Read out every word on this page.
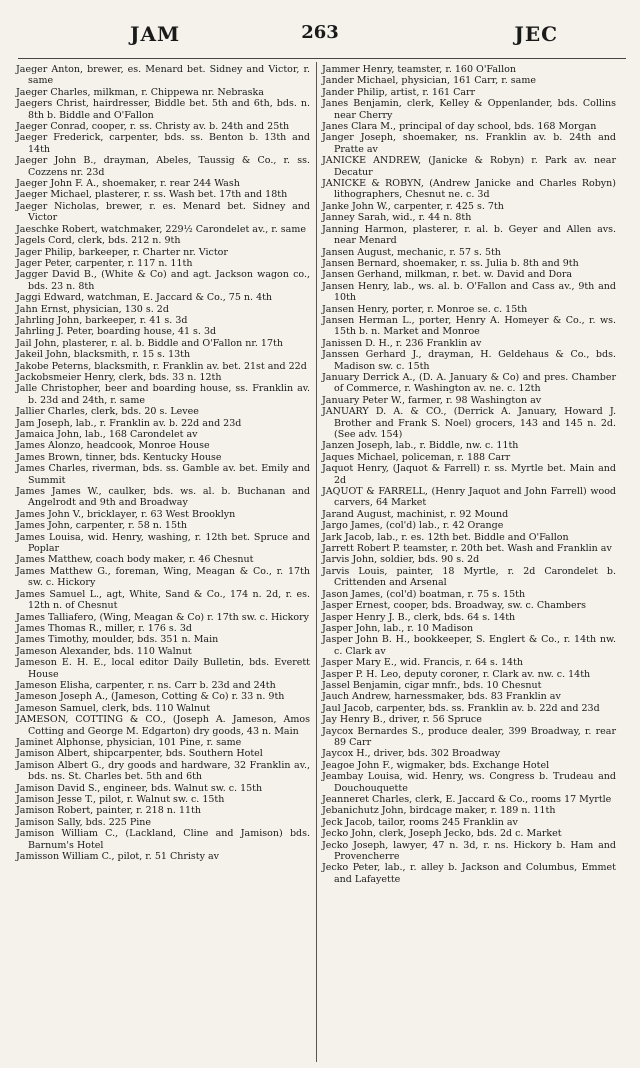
263
JAM	JEC

Jaeger Anton, brewer, es. Menard bet. Sidney and Victor, r. same

Jaeger Charles, milkman, r. Chippewa nr. Nebraska

Jaegers Christ, hairdresser, Biddle bet. 5th and 6th, bds. n. 8th b. Biddle and O'Fallon

Jaeger Conrad, cooper, r. ss. Christy av. b. 24th and 25th

Jaeger Frederick, carpenter, bds. ss. Benton b. 13th and 14th

Jaeger John B., drayman, Abeles, Taussig & Co., r. ss. Cozzens nr. 23d

Jaeger John F. A., shoemaker, r. rear 244 Wash

Jaeger Michael, plasterer, r. ss. Wash bet. 17th and 18th

Jaeger Nicholas, brewer, r. es. Menard bet. Sidney and Victor

Jaeschke Robert, watchmaker, 229½ Carondelet av., r. same

Jagels Cord, clerk, bds. 212 n. 9th

Jager Philip, barkeeper, r. Charter nr. Victor

Jager Peter, carpenter, r. 117 n. 11th

Jagger David B., (White & Co) and agt. Jackson wagon co., bds. 23 n. 8th

Jaggi Edward, watchman, E. Jaccard & Co., 75 n. 4th

Jahn Ernst, physician, 130 s. 2d

Jahrling John, barkeeper, r. 41 s. 3d

Jahrling J. Peter, boarding house, 41 s. 3d

Jail John, plasterer, r. al. b. Biddle and O'Fallon nr. 17th

Jakeil John, blacksmith, r. 15 s. 13th

Jakobe Peterns, blacksmith, r. Franklin av. bet. 21st and 22d

Jackobsmeier Henry, clerk, bds. 33 n. 12th

Jalle Christopher, beer and boarding house, ss. Franklin av. b. 23d and 24th, r. same

Jallier Charles, clerk, bds. 20 s. Levee

Jam Joseph, lab., r. Franklin av. b. 22d and 23d

Jamaica John, lab., 168 Carondelet av

James Alonzo, headcook, Monroe House

James Brown, tinner, bds. Kentucky House

James Charles, riverman, bds. ss. Gamble av. bet. Emily and Summit

James James W., caulker, bds. ws. al. b. Buchanan and Angelrodt and 9th and Broadway

James John V., bricklayer, r. 63 West Brooklyn

James John, carpenter, r. 58 n. 15th

James Louisa, wid. Henry, washing, r. 12th bet. Spruce and Poplar

James Matthew, coach body maker, r. 46 Chesnut

James Matthew G., foreman, Wing, Meagan & Co., r. 17th sw. c. Hickory

James Samuel L., agt, White, Sand & Co., 174 n. 2d, r. es. 12th n. of Chesnut

James Talliafero, (Wing, Meagan & Co) r. 17th sw. c. Hickory

James Thomas R., miller, r. 176 s. 3d

James Timothy, moulder, bds. 351 n. Main

Jameson Alexander, bds. 110 Walnut

Jameson E. H. E., local editor Daily Bulletin, bds. Everett House

Jameson Elisha, carpenter, r. ns. Carr b. 23d and 24th

Jameson Joseph A., (Jameson, Cotting & Co) r. 33 n. 9th

Jameson Samuel, clerk, bds. 110 Walnut

JAMESON, COTTING & CO., (Joseph A. Jameson, Amos Cotting and George M. Edgarton) dry goods, 43 n. Main

Jaminet Alphonse, physician, 101 Pine, r. same

Jamison Albert, shipcarpenter, bds. Southern Hotel

Jamison Albert G., dry goods and hardware, 32 Franklin av., bds. ns. St. Charles bet. 5th and 6th

Jamison David S., engineer, bds. Walnut sw. c. 15th

Jamison Jesse T., pilot, r. Walnut sw. c. 15th

Jamison Robert, painter, r. 218 n. 11th

Jamison Sally, bds. 225 Pine

Jamison William C., (Lackland, Cline and Jamison) bds. Barnum's Hotel

Jamisson William C., pilot, r. 51 Christy av

Jammer Henry, teamster, r. 160 O'Fallon

Jander Michael, physician, 161 Carr, r. same

Jander Philip, artist, r. 161 Carr

Janes Benjamin, clerk, Kelley & Oppenlander, bds. Collins near Cherry

Janes Clara M., principal of day school, bds. 168 Morgan

Janger Joseph, shoemaker, ns. Franklin av. b. 24th and Pratte av

JANICKE ANDREW, (Janicke & Robyn) r. Park av. near Decatur

JANICKE & ROBYN, (Andrew Janicke and Charles Robyn) lithographers, Chesnut ne. c. 3d

Janke John W., carpenter, r. 425 s. 7th

Janney Sarah, wid., r. 44 n. 8th

Janning Harmon, plasterer, r. al. b. Geyer and Allen avs. near Menard

Jansen August, mechanic, r. 57 s. 5th

Jansen Bernard, shoemaker, r. ss. Julia b. 8th and 9th

Jansen Gerhand, milkman, r. bet. w. David and Dora

Jansen Henry, lab., ws. al. b. O'Fallon and Cass av., 9th and 10th

Jansen Henry, porter, r. Monroe se. c. 15th

Jansen Herman L., porter, Henry A. Homeyer & Co., r. ws. 15th b. n. Market and Monroe

Janissen D. H., r. 236 Franklin av

Janssen Gerhard J., drayman, H. Geldehaus & Co., bds. Madison sw. c. 15th

January Derrick A., (D. A. January & Co) and pres. Chamber of Commerce, r. Washington av. ne. c. 12th

January Peter W., farmer, r. 98 Washington av

JANUARY D. A. & CO., (Derrick A. January, Howard J. Brother and Frank S. Noel) grocers, 143 and 145 n. 2d. (See adv. 154)

Janzen Joseph, lab., r. Biddle, nw. c. 11th

Jaques Michael, policeman, r. 188 Carr

Jaquot Henry, (Jaquot & Farrell) r. ss. Myrtle bet. Main and 2d

JAQUOT & FARRELL, (Henry Jaquot and John Farrell) wood carvers, 64 Market

Jarand August, machinist, r. 92 Mound

Jargo James, (col'd) lab., r. 42 Orange

Jark Jacob, lab., r. es. 12th bet. Biddle and O'Fallon

Jarrett Robert P. teamster, r. 20th bet. Wash and Franklin av

Jarvis John, soldier, bds. 90 s. 2d

Jarvis Louis, painter, 18 Myrtle, r. 2d Carondelet b. Crittenden and Arsenal

Jason James, (col'd) boatman, r. 75 s. 15th

Jasper Ernest, cooper, bds. Broadway, sw. c. Chambers

Jasper Henry J. B., clerk, bds. 64 s. 14th

Jasper John, lab., r. 10 Madison

Jasper John B. H., bookkeeper, S. Englert & Co., r. 14th nw. c. Clark av

Jasper Mary E., wid. Francis, r. 64 s. 14th

Jasper P. H. Leo, deputy coroner, r. Clark av. nw. c. 14th

Jassel Benjamin, cigar mnfr., bds. 10 Chesnut

Jauch Andrew, harnessmaker, bds. 83 Franklin av

Jaul Jacob, carpenter, bds. ss. Franklin av. b. 22d and 23d

Jay Henry B., driver, r. 56 Spruce

Jaycox Bernardes S., produce dealer, 399 Broadway, r. rear 89 Carr

Jaycox H., driver, bds. 302 Broadway

Jeagoe John F., wigmaker, bds. Exchange Hotel

Jeambay Louisa, wid. Henry, ws. Congress b. Trudeau and Douchouquette

Jeanneret Charles, clerk, E. Jaccard & Co., rooms 17 Myrtle

Jebanichutz John, birdcage maker, r. 189 n. 11th

Jeck Jacob, tailor, rooms 245 Franklin av

Jecko John, clerk, Joseph Jecko, bds. 2d c. Market

Jecko Joseph, lawyer, 47 n. 3d, r. ns. Hickory b. Ham and Provencherre

Jecko Peter, lab., r. alley b. Jackson and Columbus, Emmet and Lafayette
